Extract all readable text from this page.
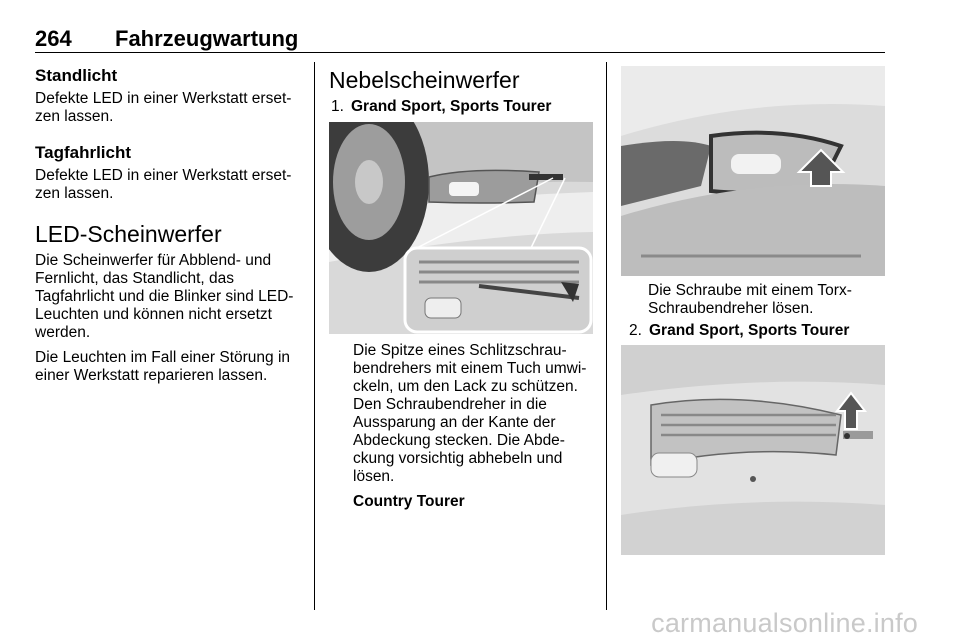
264 Fahrzeugwartung
Standlicht

Defekte LED in einer Werkstatt erset-zen lassen.

Tagfahrlicht

Defekte LED in einer Werkstatt erset-zen lassen.

LED-Scheinwerfer

Die Scheinwerfer für Abblend- und Fernlicht, das Standlicht, das Tagfahrlicht und die Blinker sind LED-Leuchten und können nicht ersetzt werden.

Die Leuchten im Fall einer Störung in einer Werkstatt reparieren lassen.

Nebelscheinwerfer
1. Grand Sport, Sports Tourer

Die Spitze eines Schlitzschrau-bendrehers mit einem Tuch umwi-ckeln, um den Lack zu schützen. Den Schraubendreher in die Aussparung an der Kante der Abdeckung stecken. Die Abde-ckung vorsichtig abhebeln und lösen.

Country Tourer

Die Schraube mit einem Torx-Schraubendreher lösen.

2. Grand Sport, Sports Tourer
carmanualsonline.info
